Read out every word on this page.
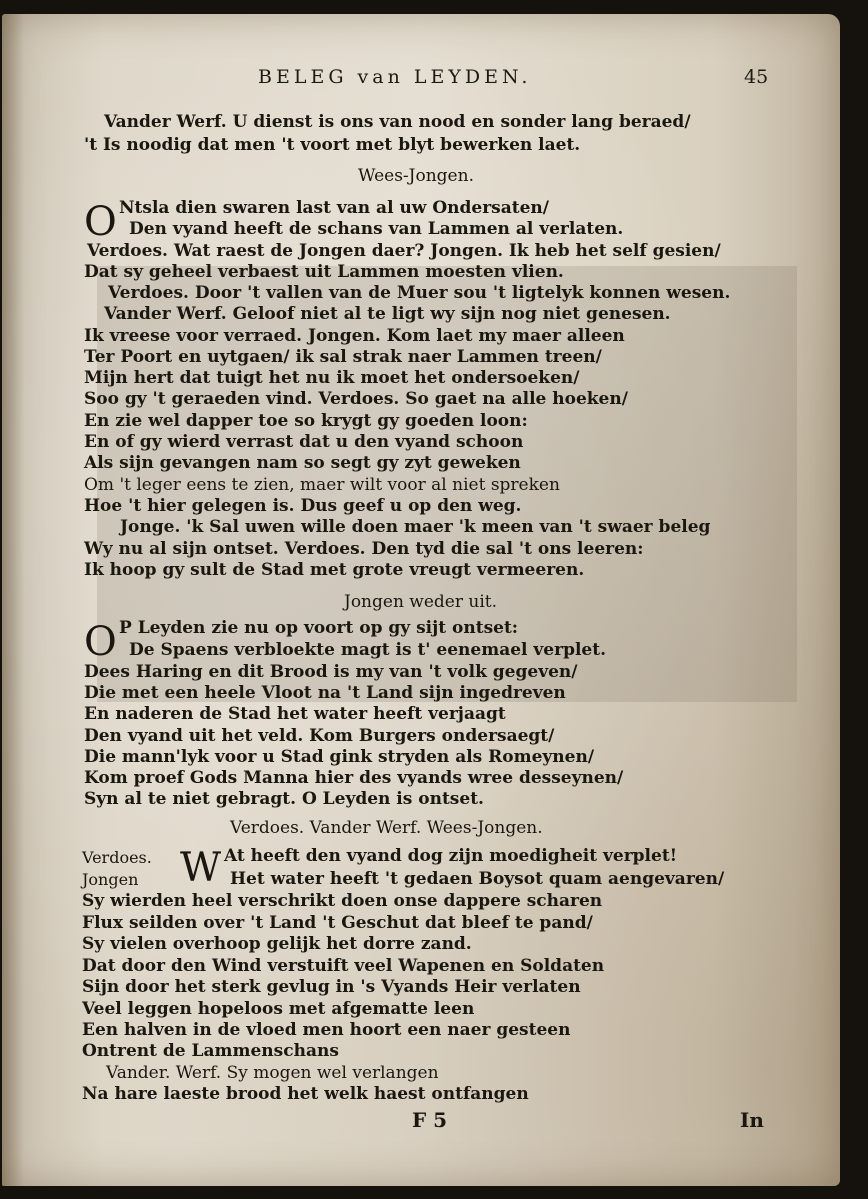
BELEG van LEYDEN.	45
Vander Werf. U dienst is ons van nood en sonder lang beraed/
't Is noodig dat men 't voort met blyt bewerken laet.
Wees-Jongen.
O Ntsla dien swaren last van al uw Ondersaten/
Den vyand heeft de schans van Lammen al verlaten.
Verdoes. Wat raest de Jongen daer? Jongen. Ik heb het self gesien/
Dat sy geheel verbaest uit Lammen moesten vlien.
Verdoes. Door 't vallen van de Muer sou 't ligtelyk konnen wesen.
Vander Werf. Geloof niet al te ligt wy sijn nog niet genesen.
Ik vreese voor verraed. Jongen. Kom laet my maer alleen
Ter Poort en uytgaen/ ik sal strak naer Lammen treen/
Mijn hert dat tuigt het nu ik moet het ondersoeken/
Soo gy 't geraeden vind. Verdoes. So gaet na alle hoeken/
En zie wel dapper toe so krygt gy goeden loon:
En of gy wierd verrast dat u den vyand schoon
Als sijn gevangen nam so segt gy zyt geweken
Om 't leger eens te zien, maer wilt voor al niet spreken
Hoe 't hier gelegen is. Dus geef u op den weg.
Jonge. 'k Sal uwen wille doen maer 'k meen van 't swaer beleg
Wy nu al sijn ontset. Verdoes. Den tyd die sal 't ons leeren:
Ik hoop gy sult de Stad met grote vreugt vermeeren.
Jongen weder uit.
O P Leyden zie nu op voort op gy sijt ontset:
De Spaens verbloekte magt is t' eenemael verplet.
Dees Haring en dit Brood is my van 't volk gegeven/
Die met een heele Vloot na 't Land sijn ingedreven
En naderen de Stad het water heeft verjaagt
Den vyand uit het veld. Kom Burgers ondersaegt/
Die mann'lyk voor u Stad gink stryden als Romeynen/
Kom proef Gods Manna hier des vyands wree desseynen/
Syn al te niet gebragt. O Leyden is ontset.
Verdoes. Vander Werf. Wees-Jongen.
Verdoes.
Jongen W At heeft den vyand dog zijn moedigheit verplet!
Het water heeft 't gedaen Boysot quam aengevaren/
Sy wierden heel verschrikt doen onse dappere scharen
Flux seilden over 't Land 't Geschut dat bleef te pand/
Sy vielen overhoop gelijk het dorre zand.
Dat door den Wind verstuift veel Wapenen en Soldaten
Sijn door het sterk gevlug in 's Vyands Heir verlaten
Veel leggen hopeloos met afgematte leen
Een halven in de vloed men hoort een naer gesteen
Ontrent de Lammenschans
Vander. Werf. Sy mogen wel verlangen
Na hare laeste brood het welk haest ontfangen
F 5	In
